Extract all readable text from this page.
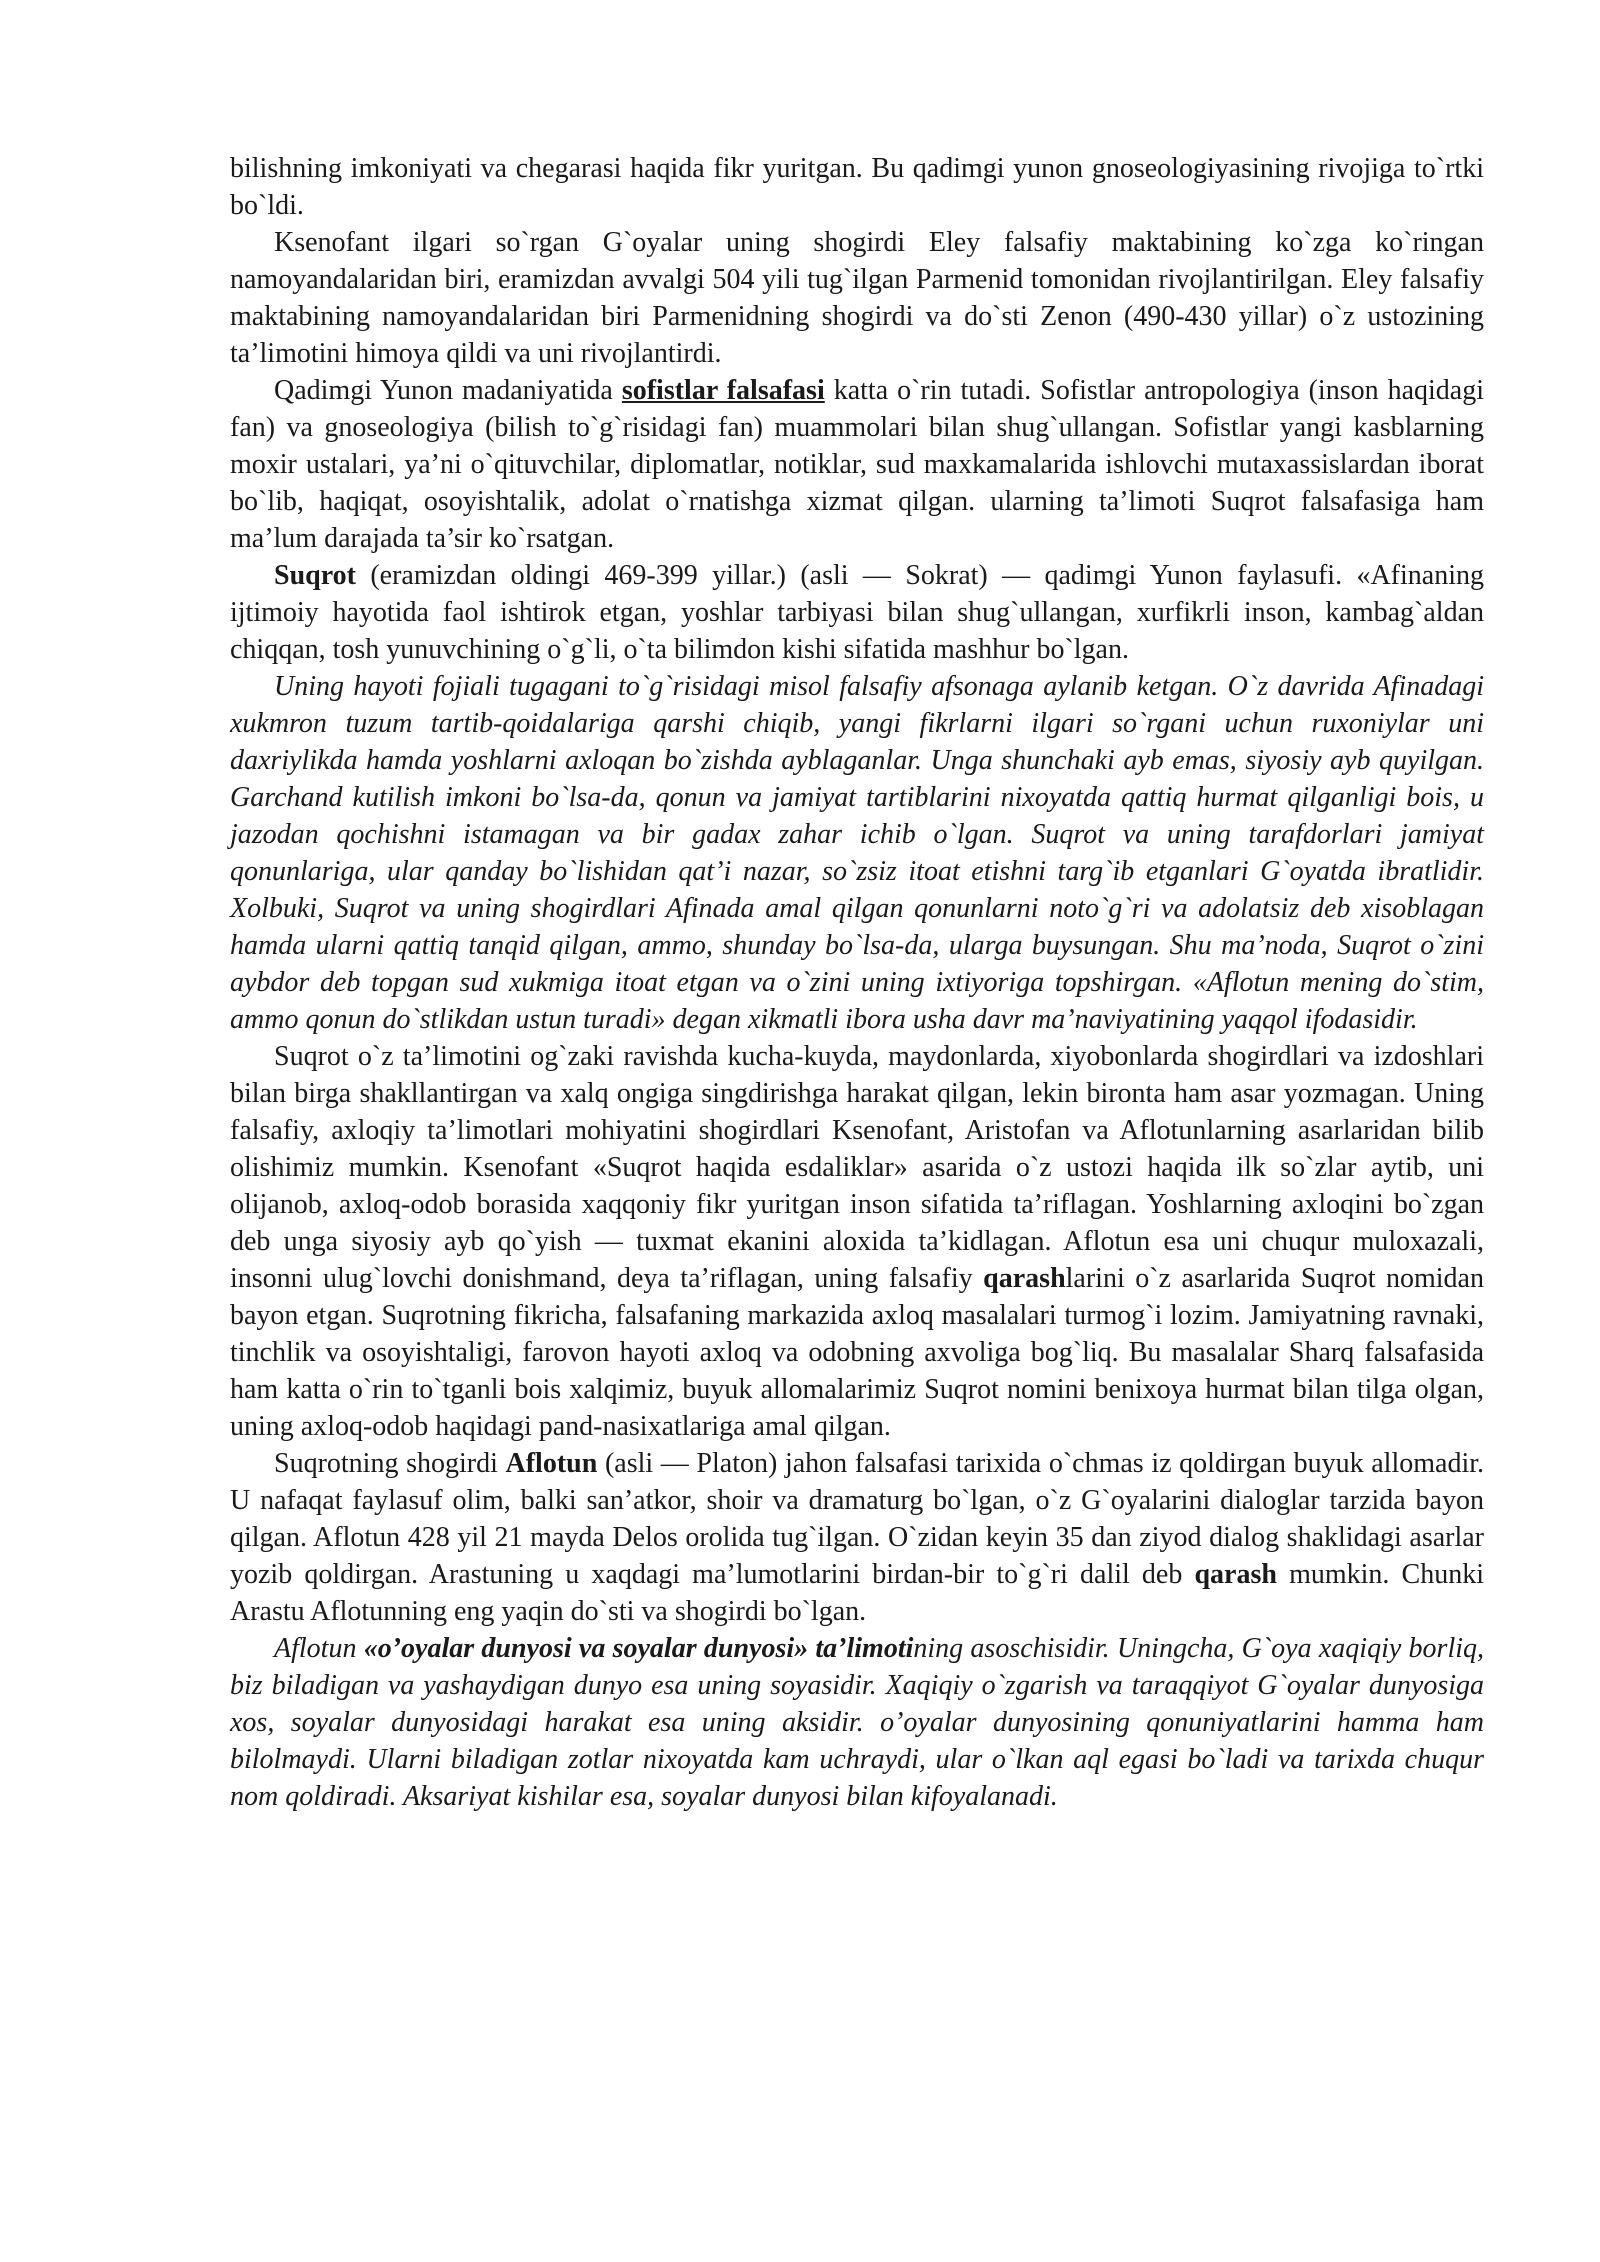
bilishning imkoniyati va chegarasi haqida fikr yuritgan. Bu qadimgi yunon gnoseologiyasining rivojiga to`rtki bo`ldi.

Ksenofant ilgari so`rgan G`oyalar uning shogirdi Eley falsafiy maktabining ko`zga ko`ringan namoyandalaridan biri, eramizdan avvalgi 504 yili tug`ilgan Parmenid tomonidan rivojlantirilgan. Eley falsafiy maktabining namoyandalaridan biri Parmenidning shogirdi va do`sti Zenon (490-430 yillar) o`z ustozining ta’limotini himoya qildi va uni rivojlantirdi.

Qadimgi Yunon madaniyatida sofistlar falsafasi katta o`rin tutadi. Sofistlar antropologiya (inson haqidagi fan) va gnoseologiya (bilish to`g`risidagi fan) muammolari bilan shug`ullangan. Sofistlar yangi kasblarning moxir ustalari, ya’ni o`qituvchilar, diplomatlar, notiklar, sud maxkamalarida ishlovchi mutaxassislardan iborat bo`lib, haqiqat, osoyishtalik, adolat o`rnatishga xizmat qilgan. ularning ta’limoti Suqrot falsafasiga ham ma’lum darajada ta’sir ko`rsatgan.

Suqrot (eramizdan oldingi 469-399 yillar.) (asli — Sokrat) — qadimgi Yunon faylasufi. «Afinaning ijtimoiy hayotida faol ishtirok etgan, yoshlar tarbiyasi bilan shug`ullangan, xurfikrli inson, kambag`aldan chiqqan, tosh yunuvchining o`g`li, o`ta bilimdon kishi sifatida mashhur bo`lgan.

Uning hayoti fojiali tugagani to`g`risidagi misol falsafiy afsonaga aylanib ketgan. O`z davrida Afinadagi xukmron tuzum tartib-qoidalariga qarshi chiqib, yangi fikrlarni ilgari so`rgani uchun ruxoniylar uni daxriylikda hamda yoshlarni axloqan bo`zishda ayblaganlar. Unga shunchaki ayb emas, siyosiy ayb quyilgan. Garchand kutilish imkoni bo`lsa-da, qonun va jamiyat tartiblarini nixoyatda qattiq hurmat qilganligi bois, u jazodan qochishni istamagan va bir gadax zahar ichib o`lgan. Suqrot va uning tarafdorlari jamiyat qonunlariga, ular qanday bo`lishidan qat’i nazar, so`zsiz itoat etishni targ`ib etganlari G`oyatda ibratlidir. Xolbuki, Suqrot va uning shogirdlari Afinada amal qilgan qonunlarni noto`g`ri va adolatsiz deb xisoblagan hamda ularni qattiq tanqid qilgan, ammo, shunday bo`lsa-da, ularga buysungan. Shu ma’noda, Suqrot o`zini aybdor deb topgan sud xukmiga itoat etgan va o`zini uning ixtiyoriga topshirgan. «Aflotun mening do`stim, ammo qonun do`stlikdan ustun turadi» degan xikmatli ibora usha davr ma’naviyatining yaqqol ifodasidir.

Suqrot o`z ta’limotini og`zaki ravishda kucha-kuyda, maydonlarda, xiyobonlarda shogirdlari va izdoshlari bilan birga shakllantirgan va xalq ongiga singdirishga harakat qilgan, lekin bironta ham asar yozmagan. Uning falsafiy, axloqiy ta’limotlari mohiyatini shogirdlari Ksenofant, Aristofan va Aflotunlarning asarlaridan bilib olishimiz mumkin. Ksenofant «Suqrot haqida esdaliklar» asarida o`z ustozi haqida ilk so`zlar aytib, uni olijanob, axloq-odob borasida xaqqoniy fikr yuritgan inson sifatida ta’riflagan. Yoshlarning axloqini bo`zgan deb unga siyosiy ayb qo`yish — tuxmat ekanini aloxida ta’kidlagan. Aflotun esa uni chuqur muloxazali, insonni ulug`lovchi donishmand, deya ta’riflagan, uning falsafiy qarashlarini o`z asarlarida Suqrot nomidan bayon etgan. Suqrotning fikricha, falsafaning markazida axloq masalalari turmog`i lozim. Jamiyatning ravnaki, tinchlik va osoyishtaligi, farovon hayoti axloq va odobning axvoliga bog`liq. Bu masalalar Sharq falsafasida ham katta o`rin to`tganli bois xalqimiz, buyuk allomalarimiz Suqrot nomini benixoya hurmat bilan tilga olgan, uning axloq-odob haqidagi pand-nasixatlariga amal qilgan.

Suqrotning shogirdi Aflotun (asli — Platon) jahon falsafasi tarixida o`chmas iz qoldirgan buyuk allomadir. U nafaqat faylasuf olim, balki san’atkor, shoir va dramaturg bo`lgan, o`z G`oyalarini dialoglar tarzida bayon qilgan. Aflotun 428 yil 21 mayda Delos orolida tug`ilgan. O`zidan keyin 35 dan ziyod dialog shaklidagi asarlar yozib qoldirgan. Arastuning u xaqdagi ma’lumotlarini birdan-bir to`g`ri dalil deb qarash mumkin. Chunki Arastu Aflotunning eng yaqin do`sti va shogirdi bo`lgan.

Aflotun «o’oyalar dunyosi va soyalar dunyosi» ta’limotining asoschisidir. Uningcha, G`oya xaqiqiy borliq, biz biladigan va yashaydigan dunyo esa uning soyasidir. Xaqiqiy o`zgarish va taraqqiyot G`oyalar dunyosiga xos, soyalar dunyosidagi harakat esa uning aksidir. o’oyalar dunyosining qonuniyatlarini hamma ham bilolmaydi. Ularni biladigan zotlar nixoyatda kam uchraydi, ular o`lkan aql egasi bo`ladi va tarixda chuqur nom qoldiradi. Aksariyat kishilar esa, soyalar dunyosi bilan kifoyalanadi.
